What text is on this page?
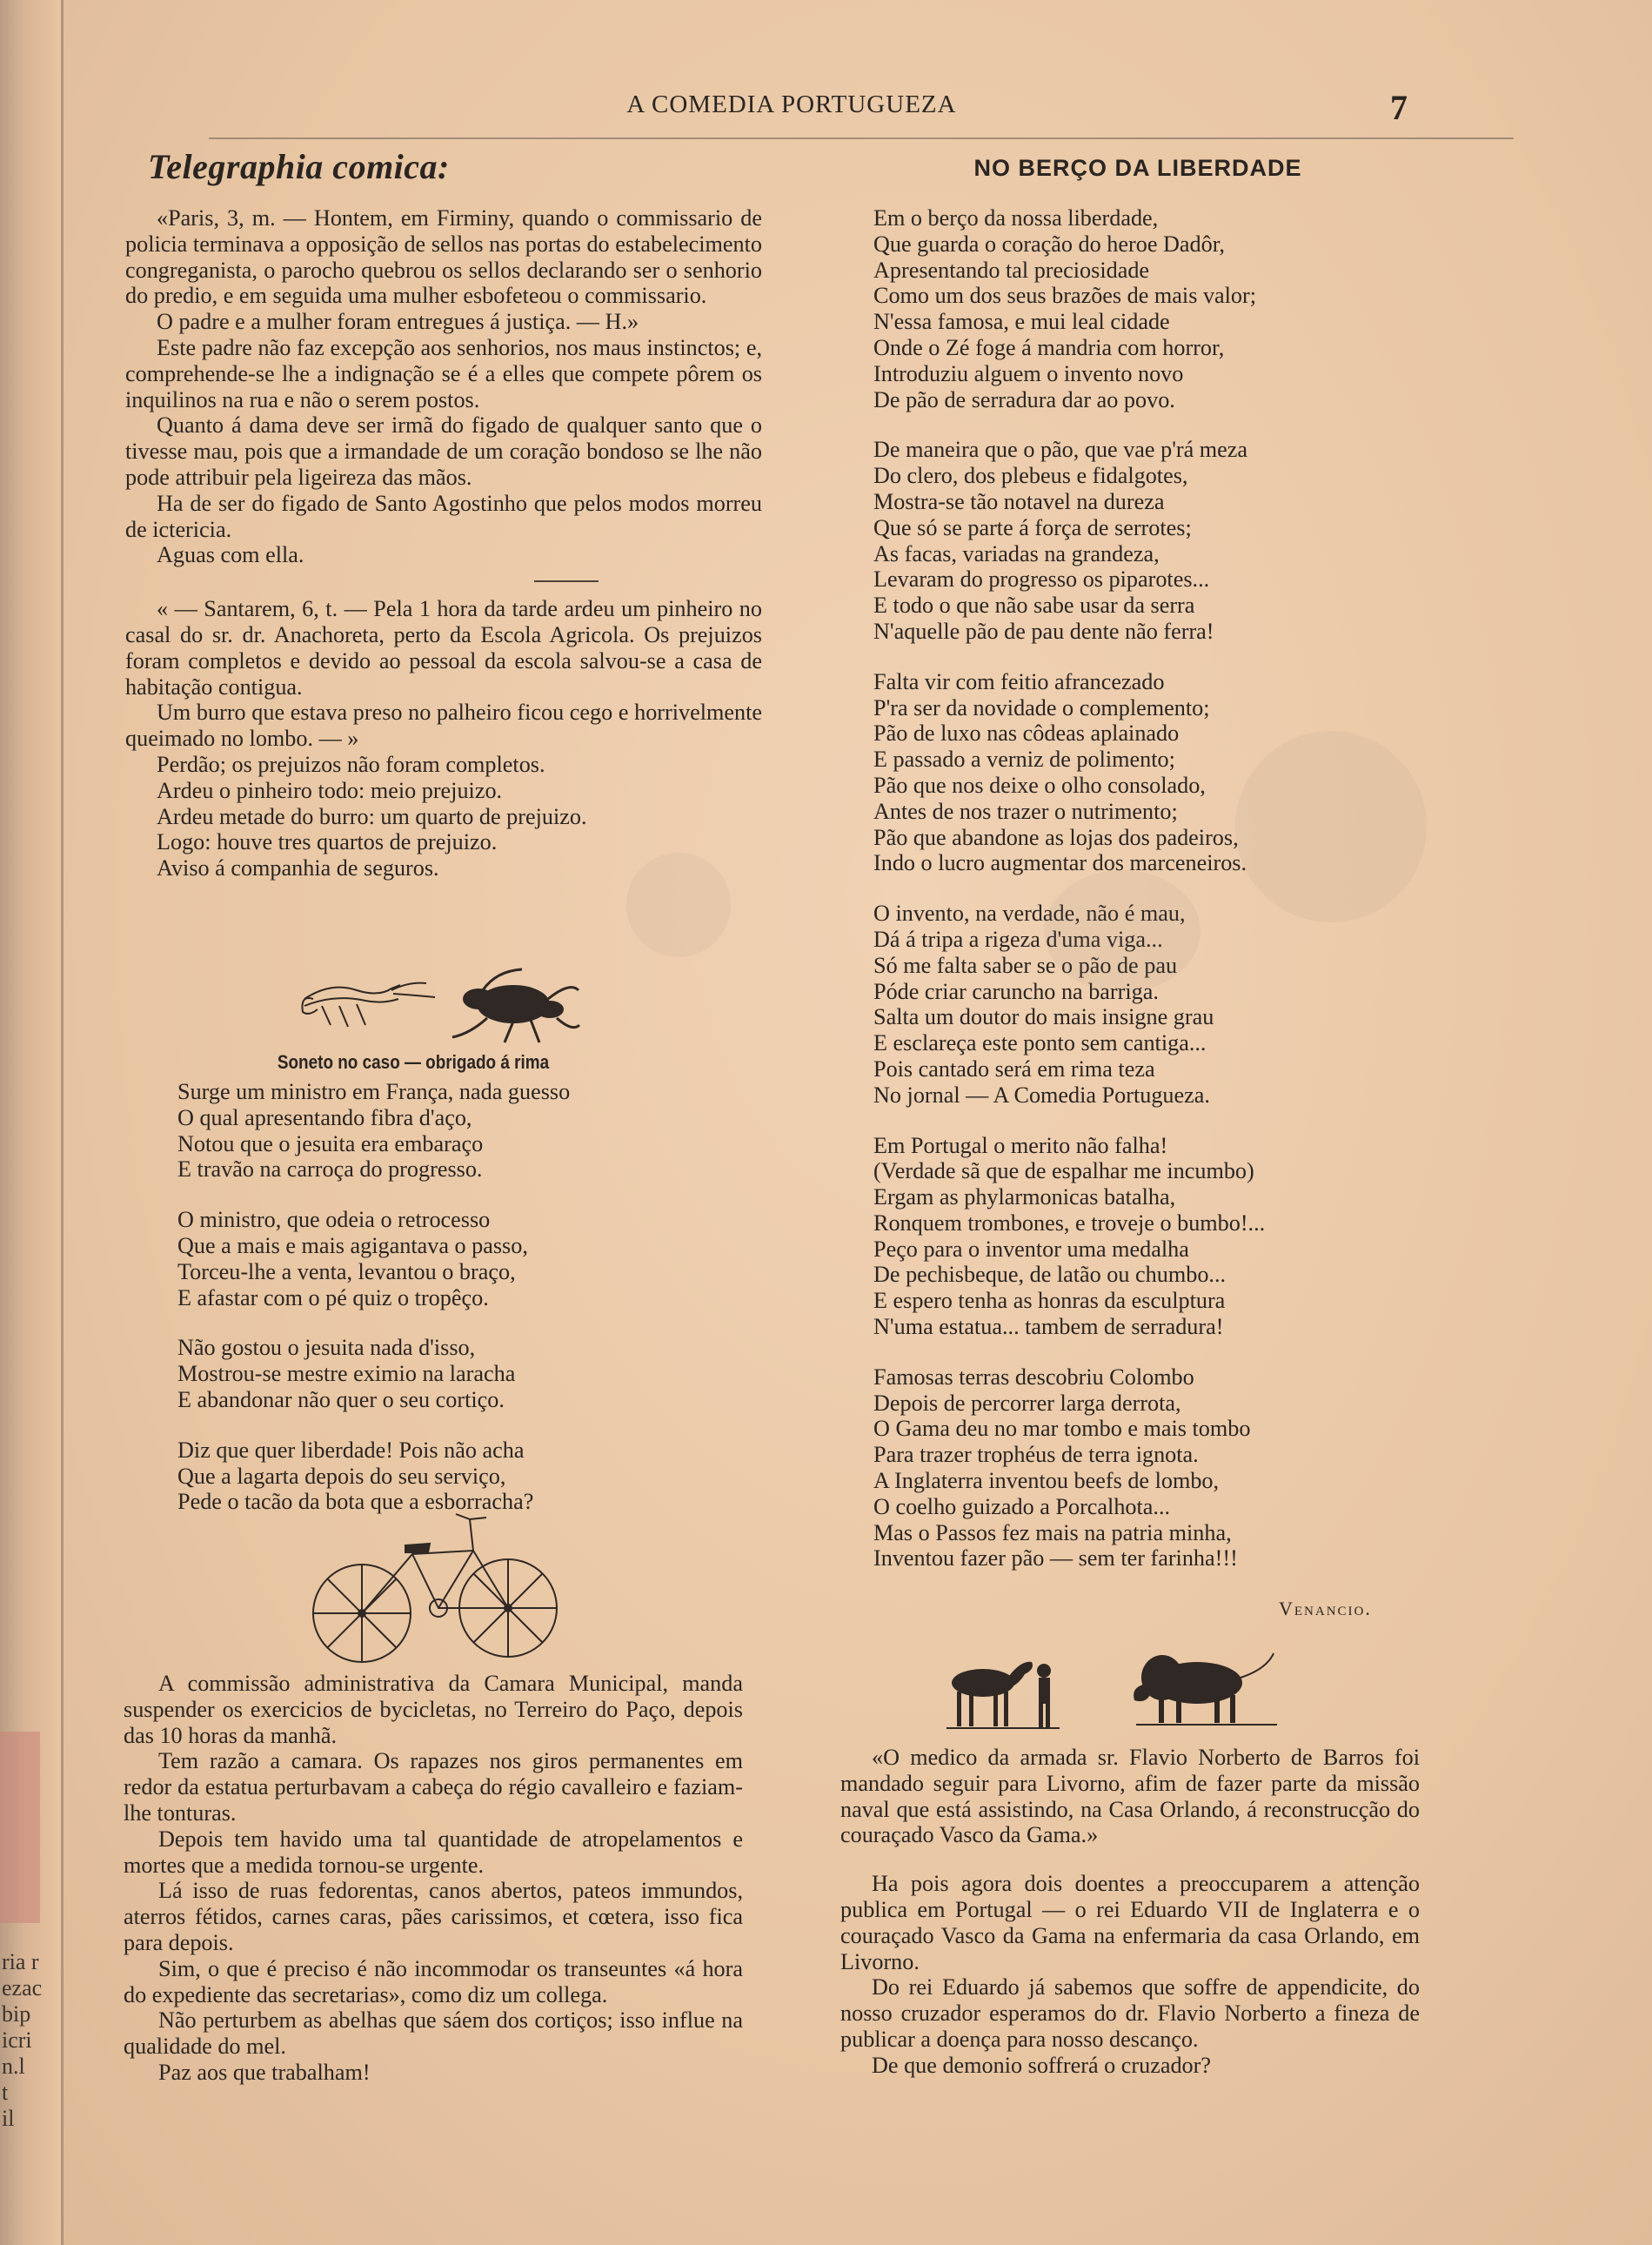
ria r
ezac
bip
icri
n.l
t
il
A COMEDIA PORTUGUEZA	7
Telegraphia comica:	NO BERÇO DA LIBERDADE

«Paris, 3, m. — Hontem, em Firminy, quando o commissario de policia terminava a opposição de sellos nas portas do estabelecimento congreganista, o parocho quebrou os sellos declarando ser o senhorio do predio, e em seguida uma mulher esbofeteou o commissario.

O padre e a mulher foram entregues á justiça. — H.»

Este padre não faz excepção aos senhorios, nos maus instinctos; e, comprehende-se lhe a indignação se é a elles que compete pôrem os inquilinos na rua e não o serem postos.

Quanto á dama deve ser irmã do figado de qualquer santo que o tivesse mau, pois que a irmandade de um coração bondoso se lhe não pode attribuir pela ligeireza das mãos.

Ha de ser do figado de Santo Agostinho que pelos modos morreu de ictericia.

Aguas com ella.

« — Santarem, 6, t. — Pela 1 hora da tarde ardeu um pinheiro no casal do sr. dr. Anachoreta, perto da Escola Agricola. Os prejuizos foram completos e devido ao pessoal da escola salvou-se a casa de habitação contigua.

Um burro que estava preso no palheiro ficou cego e horrivelmente queimado no lombo. — »

Perdão; os prejuizos não foram completos.

Ardeu o pinheiro todo: meio prejuizo.

Ardeu metade do burro: um quarto de prejuizo.

Logo: houve tres quartos de prejuizo.

Aviso á companhia de seguros.

Soneto no caso — obrigado á rima
Surge um ministro em França, nada guesso
O qual apresentando fibra d'aço,
Notou que o jesuita era embaraço
E travão na carroça do progresso.
O ministro, que odeia o retrocesso
Que a mais e mais agigantava o passo,
Torceu-lhe a venta, levantou o braço,
E afastar com o pé quiz o tropêço.
Não gostou o jesuita nada d'isso,
Mostrou-se mestre eximio na laracha
E abandonar não quer o seu cortiço.
Diz que quer liberdade! Pois não acha
Que a lagarta depois do seu serviço,
Pede o tacão da bota que a esborracha?

A commissão administrativa da Camara Municipal, manda suspender os exercicios de bycicletas, no Terreiro do Paço, depois das 10 horas da manhã.

Tem razão a camara. Os rapazes nos giros permanentes em redor da estatua perturbavam a cabeça do régio cavalleiro e faziam-lhe tonturas.

Depois tem havido uma tal quantidade de atropelamentos e mortes que a medida tornou-se urgente.

Lá isso de ruas fedorentas, canos abertos, pateos immundos, aterros fétidos, carnes caras, pães carissimos, et cœtera, isso fica para depois.

Sim, o que é preciso é não incommodar os transeuntes «á hora do expediente das secretarias», como diz um collega.

Não perturbem as abelhas que sáem dos cortiços; isso influe na qualidade do mel.

Paz aos que trabalham!

Em o berço da nossa liberdade,
Que guarda o coração do heroe Dadôr,
Apresentando tal preciosidade
Como um dos seus brazões de mais valor;
N'essa famosa, e mui leal cidade
Onde o Zé foge á mandria com horror,
Introduziu alguem o invento novo
De pão de serradura dar ao povo.
De maneira que o pão, que vae p'rá meza
Do clero, dos plebeus e fidalgotes,
Mostra-se tão notavel na dureza
Que só se parte á força de serrotes;
As facas, variadas na grandeza,
Levaram do progresso os piparotes...
E todo o que não sabe usar da serra
N'aquelle pão de pau dente não ferra!
Falta vir com feitio afrancezado
P'ra ser da novidade o complemento;
Pão de luxo nas côdeas aplainado
E passado a verniz de polimento;
Pão que nos deixe o olho consolado,
Antes de nos trazer o nutrimento;
Pão que abandone as lojas dos padeiros,
Indo o lucro augmentar dos marceneiros.
O invento, na verdade, não é mau,
Dá á tripa a rigeza d'uma viga...
Só me falta saber se o pão de pau
Póde criar caruncho na barriga.
Salta um doutor do mais insigne grau
E esclareça este ponto sem cantiga...
Pois cantado será em rima teza
No jornal — A Comedia Portugueza.
Em Portugal o merito não falha!
(Verdade sã que de espalhar me incumbo)
Ergam as phylarmonicas batalha,
Ronquem trombones, e troveje o bumbo!...
Peço para o inventor uma medalha
De pechisbeque, de latão ou chumbo...
E espero tenha as honras da esculptura
N'uma estatua... tambem de serradura!
Famosas terras descobriu Colombo
Depois de percorrer larga derrota,
O Gama deu no mar tombo e mais tombo
Para trazer trophéus de terra ignota.
A Inglaterra inventou beefs de lombo,
O coelho guizado a Porcalhota...
Mas o Passos fez mais na patria minha,
Inventou fazer pão — sem ter farinha!!!
Venancio.

«O medico da armada sr. Flavio Norberto de Barros foi mandado seguir para Livorno, afim de fazer parte da missão naval que está assistindo, na Casa Orlando, á reconstrucção do couraçado Vasco da Gama.»

Ha pois agora dois doentes a preoccuparem a attenção publica em Portugal — o rei Eduardo VII de Inglaterra e o couraçado Vasco da Gama na enfermaria da casa Orlando, em Livorno.

Do rei Eduardo já sabemos que soffre de appendicite, do nosso cruzador esperamos do dr. Flavio Norberto a fineza de publicar a doença para nosso descanço.

De que demonio soffrerá o cruzador?
